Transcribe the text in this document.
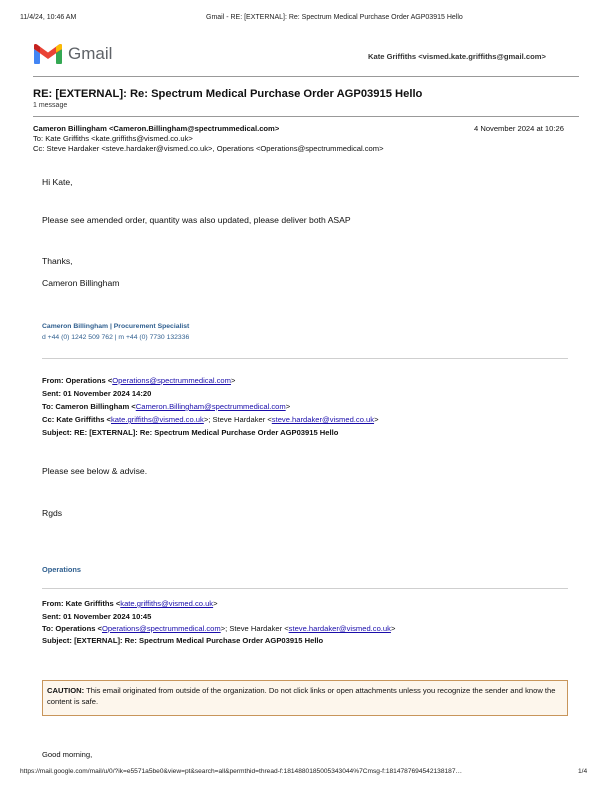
11/4/24, 10:46 AM	Gmail - RE: [EXTERNAL]: Re: Spectrum Medical Purchase Order AGP03915 Hello
Gmail	Kate Griffiths <vismed.kate.griffiths@gmail.com>
RE: [EXTERNAL]: Re: Spectrum Medical Purchase Order AGP03915 Hello
1 message
Cameron Billingham <Cameron.Billingham@spectrummedical.com>	4 November 2024 at 10:26
To: Kate Griffiths <kate.griffiths@vismed.co.uk>
Cc: Steve Hardaker <steve.hardaker@vismed.co.uk>, Operations <Operations@spectrummedical.com>
Hi Kate,
Please see amended order, quantity was also updated, please deliver both ASAP
Thanks,
Cameron Billingham
Cameron Billingham | Procurement Specialist
d +44 (0) 1242 509 762 | m +44 (0) 7730 132336
From: Operations <Operations@spectrummedical.com>
Sent: 01 November 2024 14:20
To: Cameron Billingham <Cameron.Billingham@spectrummedical.com>
Cc: Kate Griffiths <kate.griffiths@vismed.co.uk>; Steve Hardaker <steve.hardaker@vismed.co.uk>
Subject: RE: [EXTERNAL]: Re: Spectrum Medical Purchase Order AGP03915 Hello
Please see below & advise.
Rgds
Operations
From: Kate Griffiths <kate.griffiths@vismed.co.uk>
Sent: 01 November 2024 10:45
To: Operations <Operations@spectrummedical.com>; Steve Hardaker <steve.hardaker@vismed.co.uk>
Subject: [EXTERNAL]: Re: Spectrum Medical Purchase Order AGP03915 Hello
CAUTION: This email originated from outside of the organization. Do not click links or open attachments unless you recognize the sender and know the content is safe.
Good morning,
https://mail.google.com/mail/u/0/?ik=e5571a5be0&view=pt&search=all&permthid=thread-f:1814880185005343044%7Cmsg-f:1814787694542138187…	1/4
